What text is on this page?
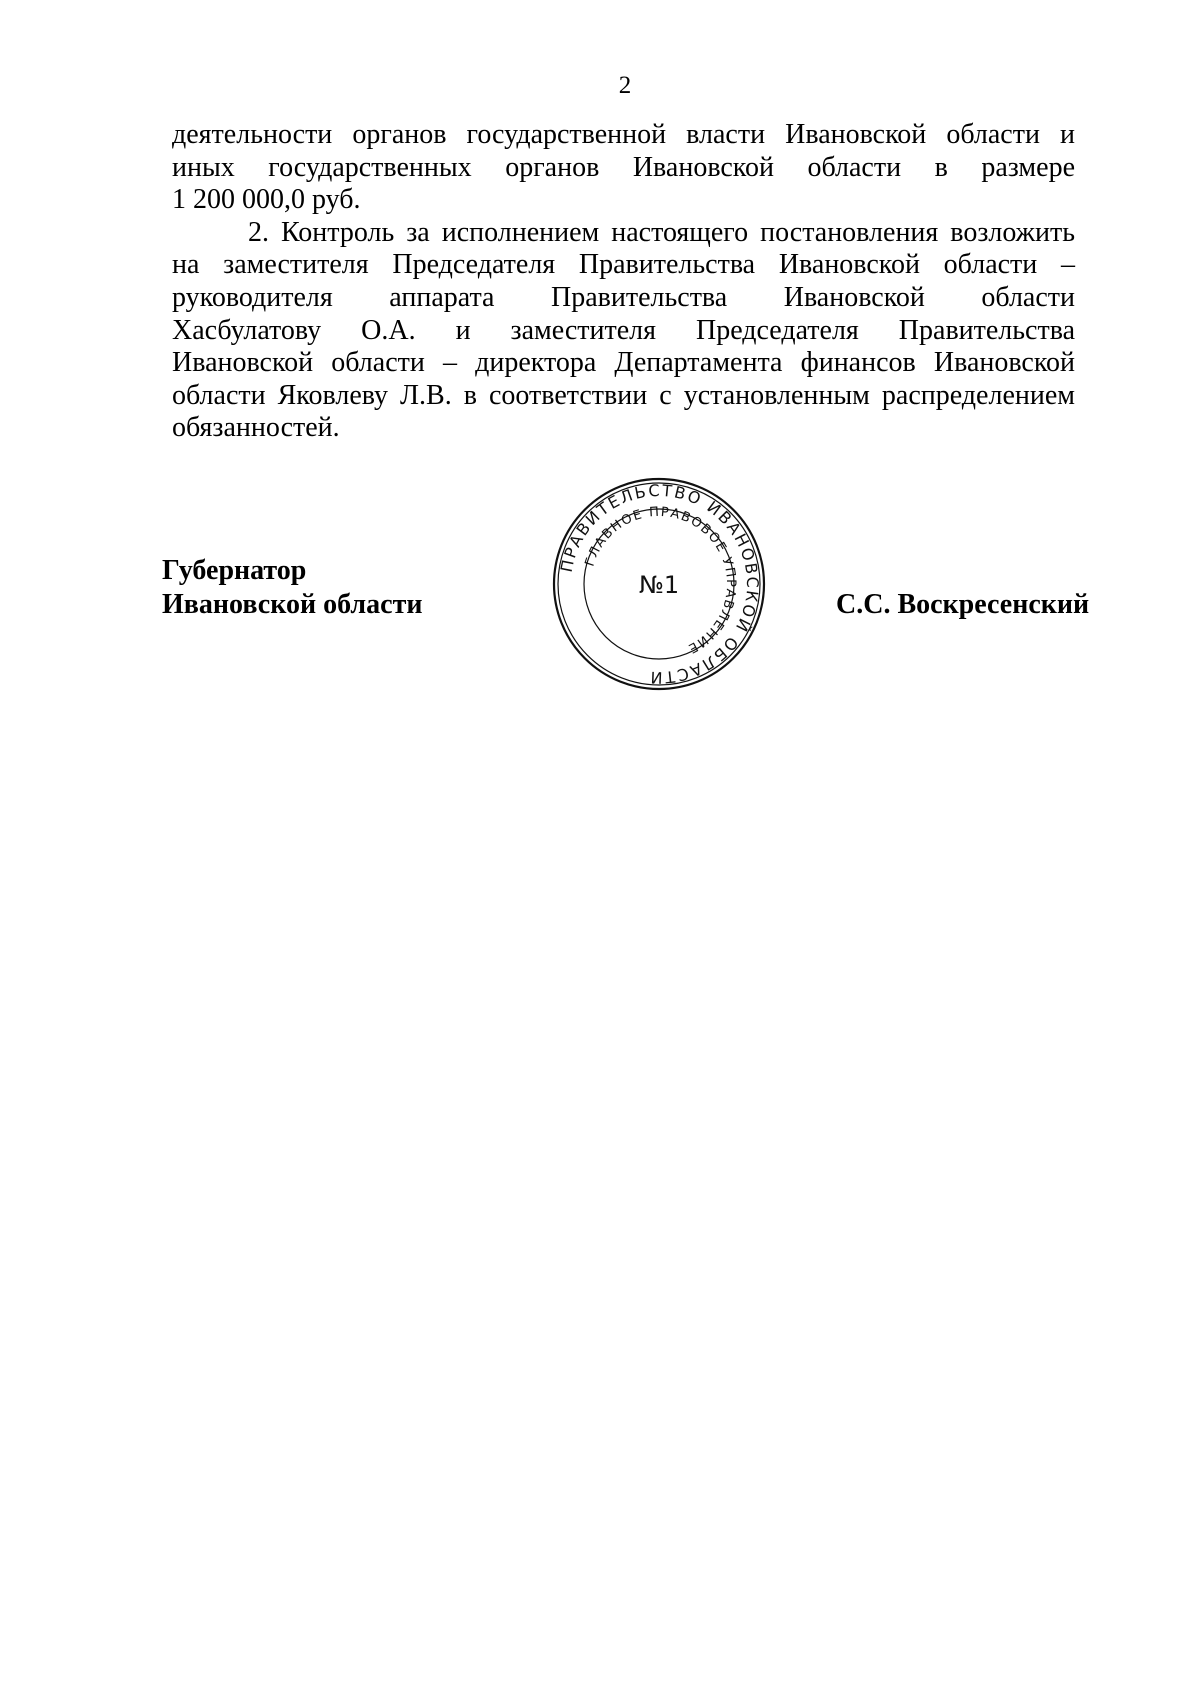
2

деятельности органов государственной власти Ивановской области и
иных государственных органов Ивановской области в размере
1 200 000,0 руб.

2. Контроль за исполнением настоящего постановления возложить
на заместителя Председателя Правительства Ивановской области –
руководителя аппарата Правительства Ивановской области
Хасбулатову О.А. и заместителя Председателя Правительства
Ивановской области – директора Департамента финансов Ивановской
области Яковлеву Л.В. в соответствии с установленным распределением
обязанностей.

Губернатор
Ивановской области
ПРАВИТЕЛЬСТВО ИВАНОВСКОЙ ОБЛАСТИ
ГЛАВНОЕ ПРАВОВОЕ УПРАВЛЕНИЕ
№1
С.С. Воскресенский
